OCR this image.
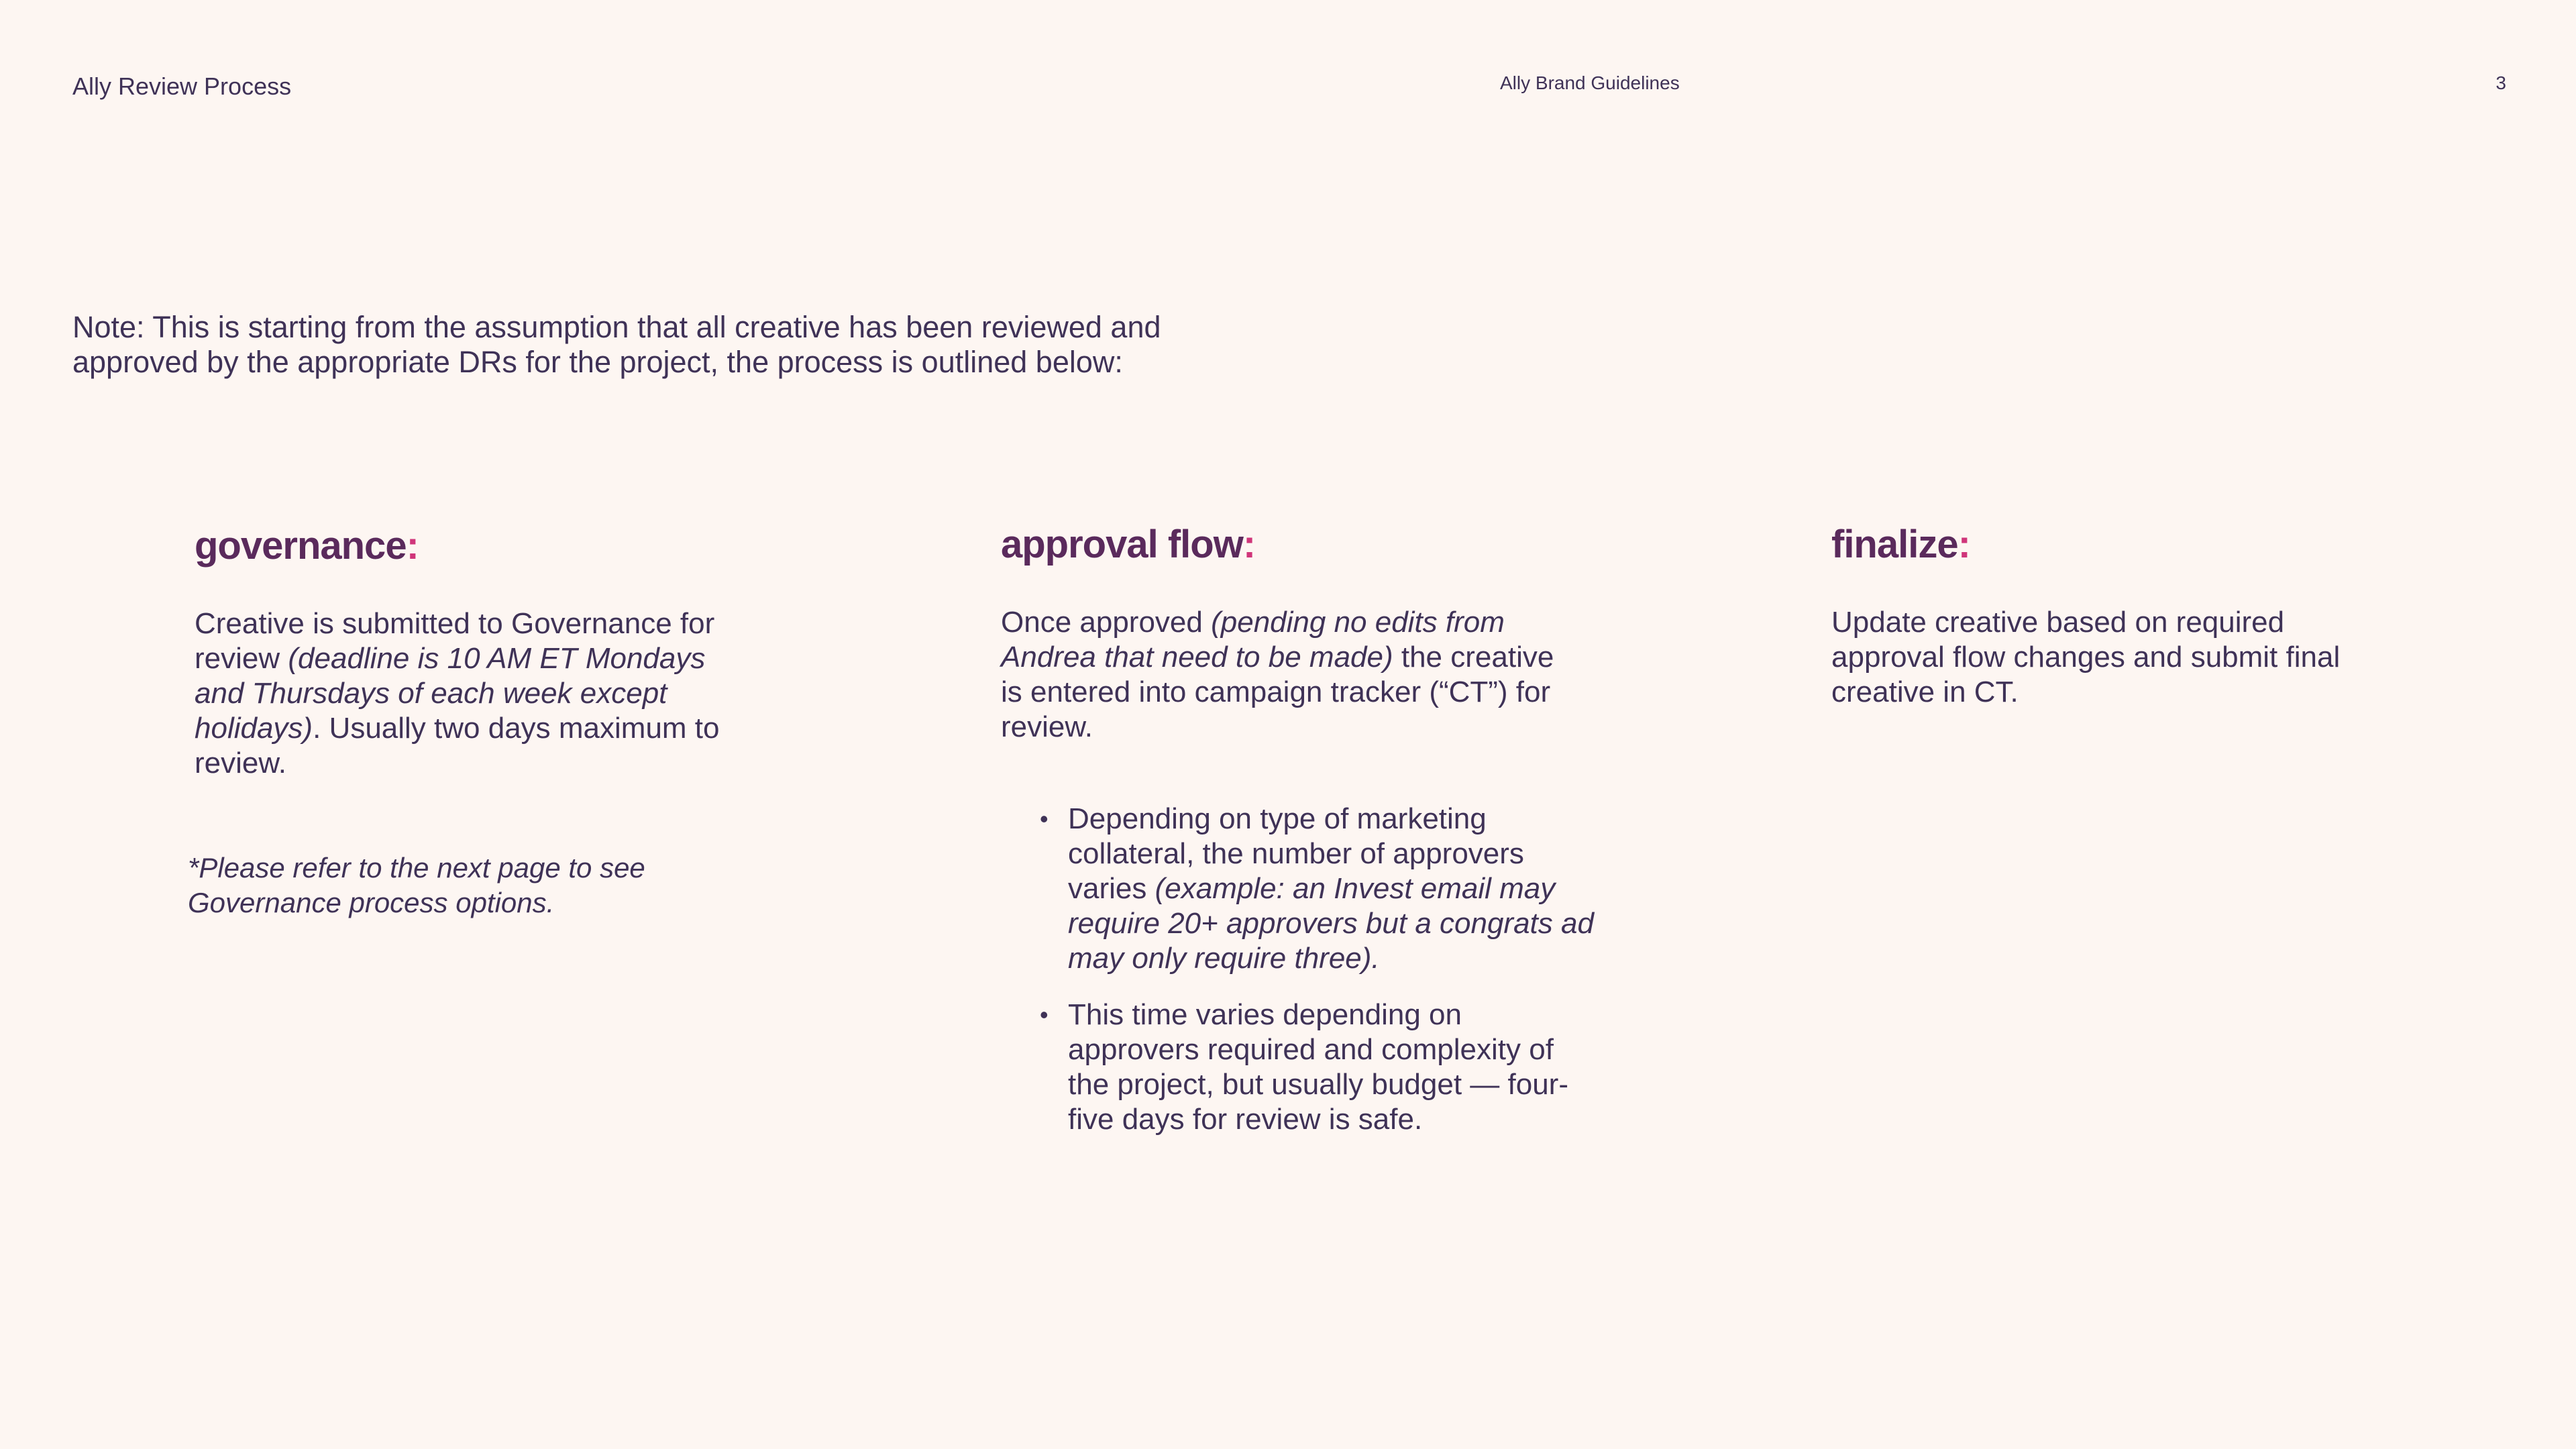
Ally Review Process	Ally Brand Guidelines	3
Note: This is starting from the assumption that all creative has been reviewed and approved by the appropriate DRs for the project, the process is outlined below:
governance:
Creative is submitted to Governance for review (deadline is 10 AM ET Mondays and Thursdays of each week except holidays). Usually two days maximum to review.
*Please refer to the next page to see Governance process options.
approval flow:
Once approved (pending no edits from Andrea that need to be made) the creative is entered into campaign tracker (“CT”) for review.
• Depending on type of marketing collateral, the number of approvers varies (example: an Invest email may require 20+ approvers but a congrats ad may only require three).
• This time varies depending on approvers required and complexity of the project, but usually budget — four-five days for review is safe.
finalize:
Update creative based on required approval flow changes and submit final creative in CT.
